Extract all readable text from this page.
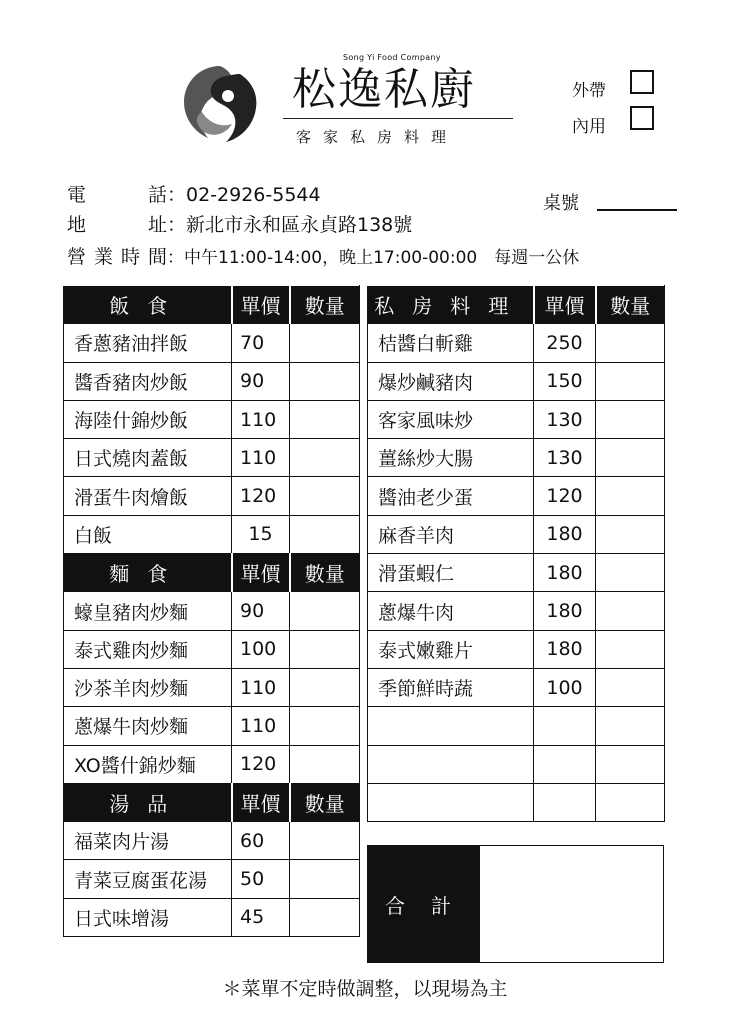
Song Yi Food Company
松逸私廚
客家私房料理
外帶
內用
電　話：02-2926-5544
地　址：新北市永和區永貞路138號
營業時間：中午11:00-14:00，晚上17:00-00:00　每週一公休
桌號
飯食	單價	數量
香蔥豬油拌飯	70	
醬香豬肉炒飯	90	
海陸什錦炒飯	110	
日式燒肉蓋飯	110	
滑蛋牛肉燴飯	120	
白飯	15	
麵食	單價	數量
蠔皇豬肉炒麵	90	
泰式雞肉炒麵	100	
沙茶羊肉炒麵	110	
蔥爆牛肉炒麵	110	
XO醬什錦炒麵	120	
湯品	單價	數量
福菜肉片湯	60	
青菜豆腐蛋花湯	50	
日式味增湯	45	
私房料理	單價	數量
桔醬白斬雞	250	
爆炒鹹豬肉	150	
客家風味炒	130	
薑絲炒大腸	130	
醬油老少蛋	120	
麻香羊肉	180	
滑蛋蝦仁	180	
蔥爆牛肉	180	
泰式嫩雞片	180	
季節鮮時蔬	100	

合計
＊菜單不定時做調整，以現場為主
